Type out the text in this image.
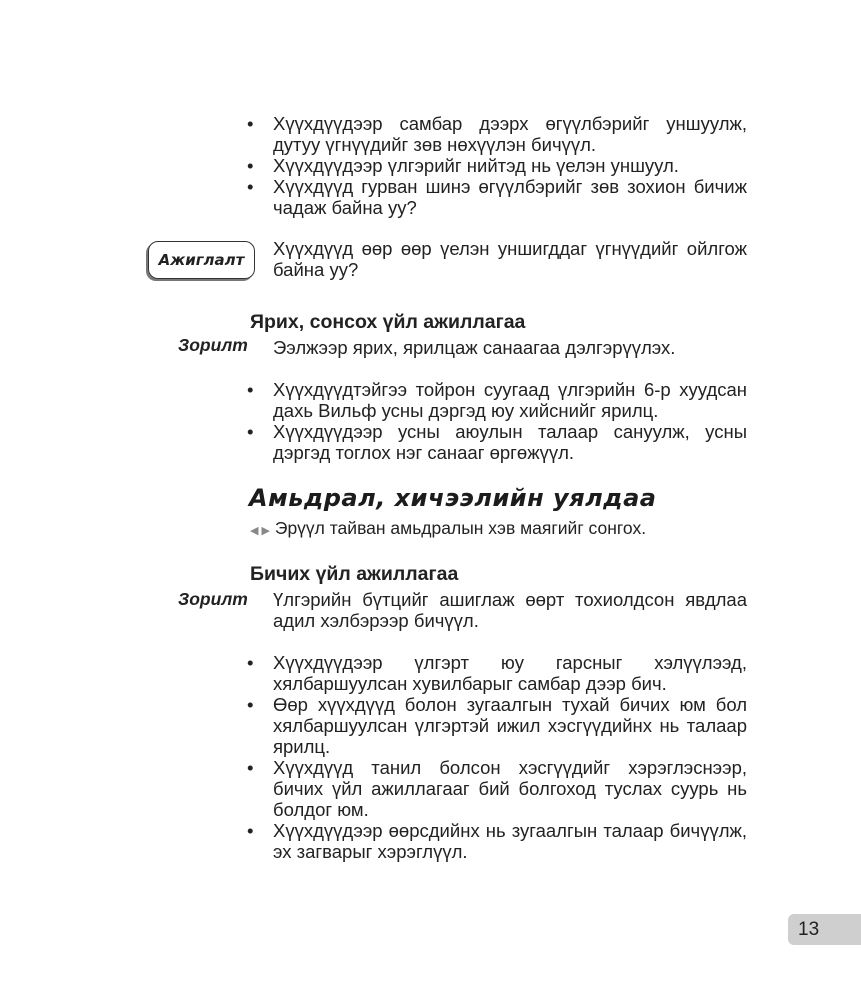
• Хүүхдүүдээр самбар дээрх өгүүлбэрийг уншуулж, дутуу үгнүүдийг зөв нөхүүлэн бичүүл.
• Хүүхдүүдээр үлгэрийг нийтэд нь үелэн уншуул.
• Хүүхдүүд гурван шинэ өгүүлбэрийг зөв зохион бичиж чадаж байна уу?
Ажиглалт

Хүүхдүүд өөр өөр үелэн уншигддаг үгнүүдийг ойлгож байна уу?

Ярих, сонсох үйл ажиллагаа
Зорилт Ээлжээр ярих, ярилцаж санаагаа дэлгэрүүлэх.

• Хүүхдүүдтэйгээ тойрон суугаад үлгэрийн 6-р хуудсан дахь Вильф усны дэргэд юу хийснийг ярилц.
• Хүүхдүүдээр усны аюулын талаар сануулж, усны дэргэд тоглох нэг санааг өргөжүүл.
Амьдрал, хичээлийн уялдаа
◀ ▶ Эрүүл тайван амьдралын хэв маягийг сонгох.
Бичих үйл ажиллагаа
Зорилт Үлгэрийн бүтцийг ашиглаж өөрт тохиолдсон явдлаа адил хэлбэрээр бичүүл.

• Хүүхдүүдээр үлгэрт юу гарсныг хэлүүлээд, хялбаршуулсан хувилбарыг самбар дээр бич.
• Өөр хүүхдүүд болон зугаалгын тухай бичих юм бол хялбаршуулсан үлгэртэй ижил хэсгүүдийнх нь талаар ярилц.
• Хүүхдүүд танил болсон хэсгүүдийг хэрэглэснээр, бичих үйл ажиллагааг бий болгоход туслах суурь нь болдог юм.
• Хүүхдүүдээр өөрсдийнх нь зугаалгын талаар бичүүлж, эх загварыг хэрэглүүл.
13
